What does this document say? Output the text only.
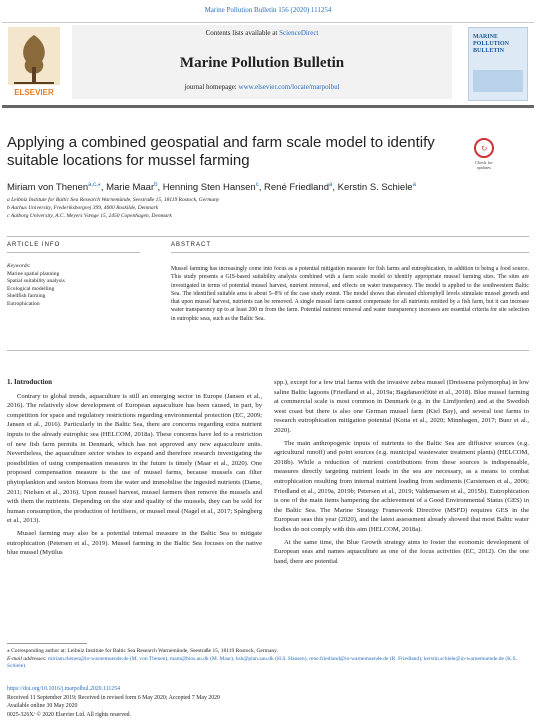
Marine Pollution Bulletin 156 (2020) 111254
ELSEVIER
Contents lists available at ScienceDirect
Marine Pollution Bulletin
journal homepage: www.elsevier.com/locate/marpolbul
MARINE POLLUTION BULLETIN
Applying a combined geospatial and farm scale model to identify suitable locations for mussel farming
↻
Check for updates
Miriam von Thenen$^{a,c,⁎}$, Marie Maar$^b$, Henning Sten Hansen$^c$, René Friedland$^a$, Kerstin S. Schiele$^a$
a Leibniz Institute for Baltic Sea Research Warnemünde, Seestraße 15, 18119 Rostock, Germany
b Aarhus University, Frederiksborgvej 399, 4000 Roskilde, Denmark
c Aalborg University, A.C. Meyers Vænge 15, 2450 Copenhagen, Denmark
ARTICLE INFO	ABSTRACT
Keywords:
Marine spatial planning
Spatial suitability analysis
Ecological modelling
Shellfish farming
Eutrophication
Mussel farming has increasingly come into focus as a potential mitigation measure for fish farms and eutrophication, in addition to being a food source. This study presents a GIS-based suitability analysis combined with a farm scale model to identify appropriate mussel farming sites. The sites are investigated in terms of potential mussel harvest, nutrient removal, and effects on water transparency. The model is applied to the southwestern Baltic Sea. The identified suitable area is about 5–8% of the case study extent. The model shows that elevated chlorophyll levels stimulate mussel growth and that upon mussel harvest, nutrients can be removed. A single mussel farm cannot compensate for all nutrients emitted by a fish farm, but it can increase water transparency up to at least 200 m from the farm. Potential nutrient removal and water transparency increases are essential criteria for site selection in eutrophic seas, such as the Baltic Sea.

1. Introduction

Contrary to global trends, aquaculture is still an emerging sector in Europe (Jansen et al., 2016). The relatively slow development of European aquaculture has been caused, in part, by competition for space and regulatory restrictions regarding environmental protection (EC, 2009; Jansen et al., 2016). Particularly in the Baltic Sea, there are concerns regarding extra nutrient inputs to the already eutrophic sea (HELCOM, 2018a). These concerns have led to a restriction of new fish farm permits in Denmark, which has not approved any new aquaculture units. Nevertheless, the aquaculture sector wishes to expand and therefore research investigating the possibilities of using compensation measures in the future is timely (Maar et al., 2020). One proposed compensation measure is the use of mussel farms, because mussels can filter phytoplankton and seston biomass from the water and immobilise the ingested nutrients (Dame, 2011; Nielsen et al., 2016). Upon mussel harvest, mussel farmers then remove the mussels and with them the nutrients. Depending on the size and quality of the mussels, they can be sold for human consumption, the production of fertilisers, or mussel meal (Nagel et al., 2017; Spångberg et al., 2013).

Mussel farming may also be a potential internal measure in the Baltic Sea to mitigate eutrophication (Petersen et al., 2019). Mussel farming in the Baltic Sea focuses on the native blue mussel (Mytilus

spp.), except for a few trial farms with the invasive zebra mussel (Dreissena polymorpha) in low saline Baltic lagoons (Friedland et al., 2019a; Bagdanavičiūtė et al., 2018). Blue mussel farming at commercial scale is most common in Denmark (e.g. in the Limfjorden) and at the Swedish west coast but there is also one German mussel farm (Kiel Bay), and several test farms to research eutrophication mitigation potential (Kotta et al., 2020; Minnhagen, 2017; Buer et al., 2020).

The main anthropogenic inputs of nutrients to the Baltic Sea are diffusive sources (e.g. agricultural runoff) and point sources (e.g. municipal wastewater treatment plants) (HELCOM, 2018b). While a reduction of nutrient contributions from these sources is indispensable, measures directly targeting nutrient loads in the sea are necessary, as a means to combat eutrophication resulting from internal nutrient loading from sediments (Carstensen et al., 2006; Friedland et al., 2019a, 2019b; Petersen et al., 2019; Valdemarsen et al., 2015b). Eutrophication is one of the main items hampering the achievement of a Good Environmental Status (GES) in the Baltic Sea. The Marine Strategy Framework Directive (MSFD) requires GES in the European seas this year (2020), and the latest assessment already showed that most Baltic water bodies do not comply with this aim (HELCOM, 2018a).

At the same time, the Blue Growth strategy aims to foster the economic development of European seas and names aquaculture as one of the focus activities (EC, 2012). On the one hand, there are potential

⁎ Corresponding author at: Leibniz Institute for Baltic Sea Research Warnemünde, Seestraße 15, 18119 Rostock, Germany.
E-mail addresses: miriam.thenen@io-warnemuende.de (M. von Thenen), mam@bios.au.dk (M. Maar), hsh@plan.aau.dk (H.S. Hansen), rene.friedland@io-warnemuende.de (R. Friedland), kerstin.schiele@io-warnemuende.de (K.S. Schiele).
https://doi.org/10.1016/j.marpolbul.2020.111254
Received 11 September 2019; Received in revised form 6 May 2020; Accepted 7 May 2020
Available online 30 May 2020
0025-326X/ © 2020 Elsevier Ltd. All rights reserved.
